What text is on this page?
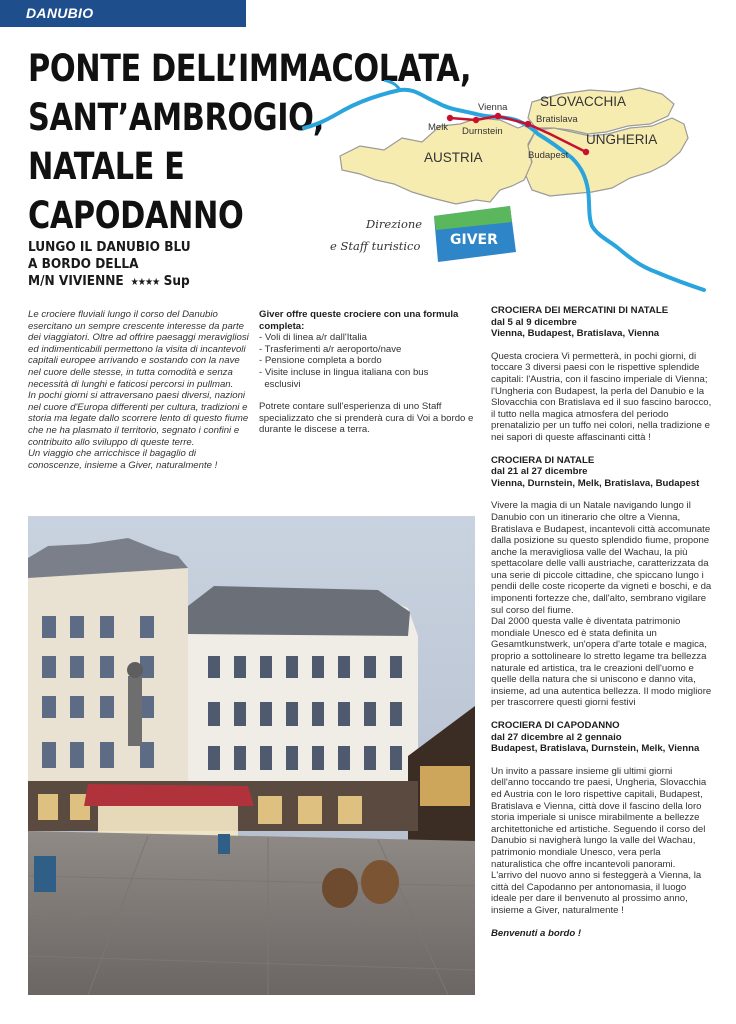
DANUBIO
PONTE DELL’IMMACOLATA,
SANT’AMBROGIO,
NATALE E
CAPODANNO
LUNGO IL DANUBIO BLU
A BORDO DELLA
M/N VIVIENNE ★★★★ Sup
SLOVACCHIA
AUSTRIA
UNGHERIA
Vienna
Melk Durnstein
Bratislava
Budapest
Direzione
e Staff turistico GIVER

Le crociere fluviali lungo il corso del Danubio esercitano un sempre crescente interesse da parte dei viaggiatori. Oltre ad offrire paesaggi meravigliosi ed indimenticabili permettono la visita di incantevoli capitali europee arrivando e sostando con la nave nel cuore delle stesse, in tutta comodità e senza necessità di lunghi e faticosi percorsi in pullman.

In pochi giorni si attraversano paesi diversi, nazioni nel cuore d'Europa differenti per cultura, tradizioni e storia ma legate dallo scorrere lento di questo fiume che ne ha plasmato il territorio, segnato i confini e contribuito allo sviluppo di queste terre.

Un viaggio che arricchisce il bagaglio di conoscenze, insieme a Giver, naturalmente !

Giver offre queste crociere con una formula completa:

- Voli di linea a/r dall'Italia
- Trasferimenti a/r aeroporto/nave
- Pensione completa a bordo
- Visite incluse in lingua italiana con bus
esclusivi

Potrete contare sull'esperienza di uno Staff specializzato che si prenderà cura di Voi a bordo e durante le discese a terra.

CROCIERA DEI MERCATINI DI NATALE

dal 5 al 9 dicembre

Vienna, Budapest, Bratislava, Vienna

Questa crociera Vi permetterà, in pochi giorni, di toccare 3 diversi paesi con le rispettive splendide capitali: l'Austria, con il fascino imperiale di Vienna; l'Ungheria con Budapest, la perla del Danubio e la Slovacchia con Bratislava ed il suo fascino barocco, il tutto nella magica atmosfera del periodo prenatalizio per un tuffo nei colori, nella tradizione e nei sapori di queste affascinanti città !

CROCIERA DI NATALE

dal 21 al 27 dicembre

Vienna, Durnstein, Melk, Bratislava, Budapest

Vivere la magia di un Natale navigando lungo il Danubio con un itinerario che oltre a Vienna, Bratislava e Budapest, incantevoli città accomunate dalla posizione su questo splendido fiume, propone anche la meravigliosa valle del Wachau, la più spettacolare delle valli austriache, caratterizzata da una serie di piccole cittadine, che spiccano lungo i pendii delle coste ricoperte da vigneti e boschi, e da imponenti fortezze che, dall'alto, sembrano vigilare sul corso del fiume.

Dal 2000 questa valle è diventata patrimonio mondiale Unesco ed è stata definita un Gesamtkunstwerk, un'opera d'arte totale e magica, proprio a sottolineare lo stretto legame tra bellezza naturale ed artistica, tra le creazioni dell'uomo e quelle della natura che si uniscono e danno vita, insieme, ad una autentica bellezza. Il modo migliore per trascorrere questi giorni festivi

CROCIERA DI CAPODANNO

dal 27 dicembre al 2 gennaio

Budapest, Bratislava, Durnstein, Melk, Vienna

Un invito a passare insieme gli ultimi giorni dell'anno toccando tre paesi, Ungheria, Slovacchia ed Austria con le loro rispettive capitali, Budapest, Bratislava e Vienna, città dove il fascino della loro storia imperiale si unisce mirabilmente a bellezze architettoniche ed artistiche. Seguendo il corso del Danubio si navigherà lungo la valle del Wachau, patrimonio mondiale Unesco, vera perla naturalistica che offre incantevoli panorami.

L'arrivo del nuovo anno si festeggerà a Vienna, la città del Capodanno per antonomasia, il luogo ideale per dare il benvenuto al prossimo anno, insieme a Giver, naturalmente !

Benvenuti a bordo !
